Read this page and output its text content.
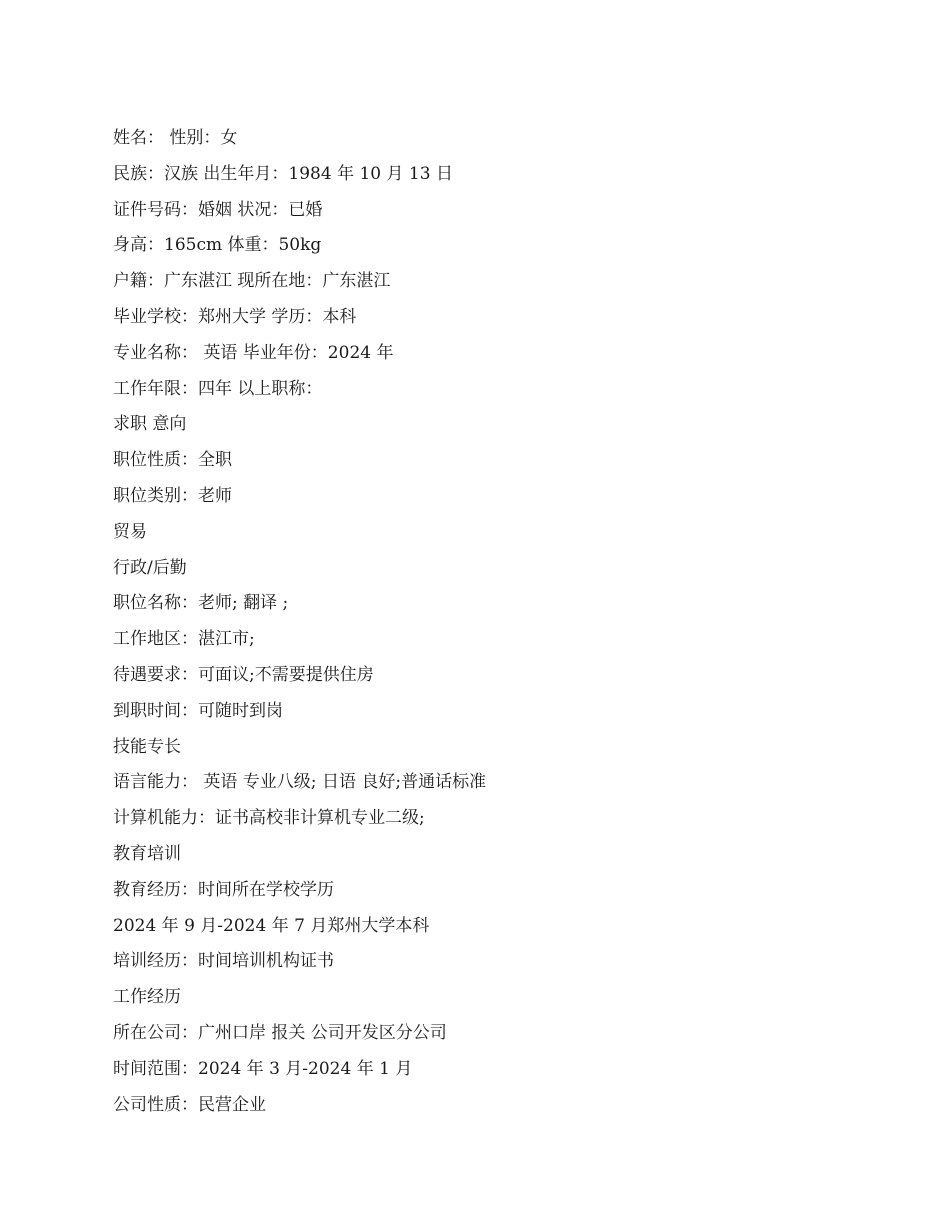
姓名： 性别：女
民族：汉族 出生年月：1984 年 10 月 13 日
证件号码：婚姻 状况：已婚
身高：165cm 体重：50kg
户籍：广东湛江 现所在地：广东湛江
毕业学校：郑州大学 学历：本科
专业名称： 英语 毕业年份：2024 年
工作年限：四年 以上职称：
求职 意向
职位性质：全职
职位类别：老师
贸易
行政/后勤
职位名称：老师; 翻译 ;
工作地区：湛江市;
待遇要求：可面议;不需要提供住房
到职时间：可随时到岗
技能专长
语言能力： 英语 专业八级; 日语 良好;普通话标准
计算机能力：证书高校非计算机专业二级;
教育培训
教育经历：时间所在学校学历
2024 年 9 月-2024 年 7 月郑州大学本科
培训经历：时间培训机构证书
工作经历
所在公司：广州口岸 报关 公司开发区分公司
时间范围：2024 年 3 月-2024 年 1 月
公司性质：民营企业
